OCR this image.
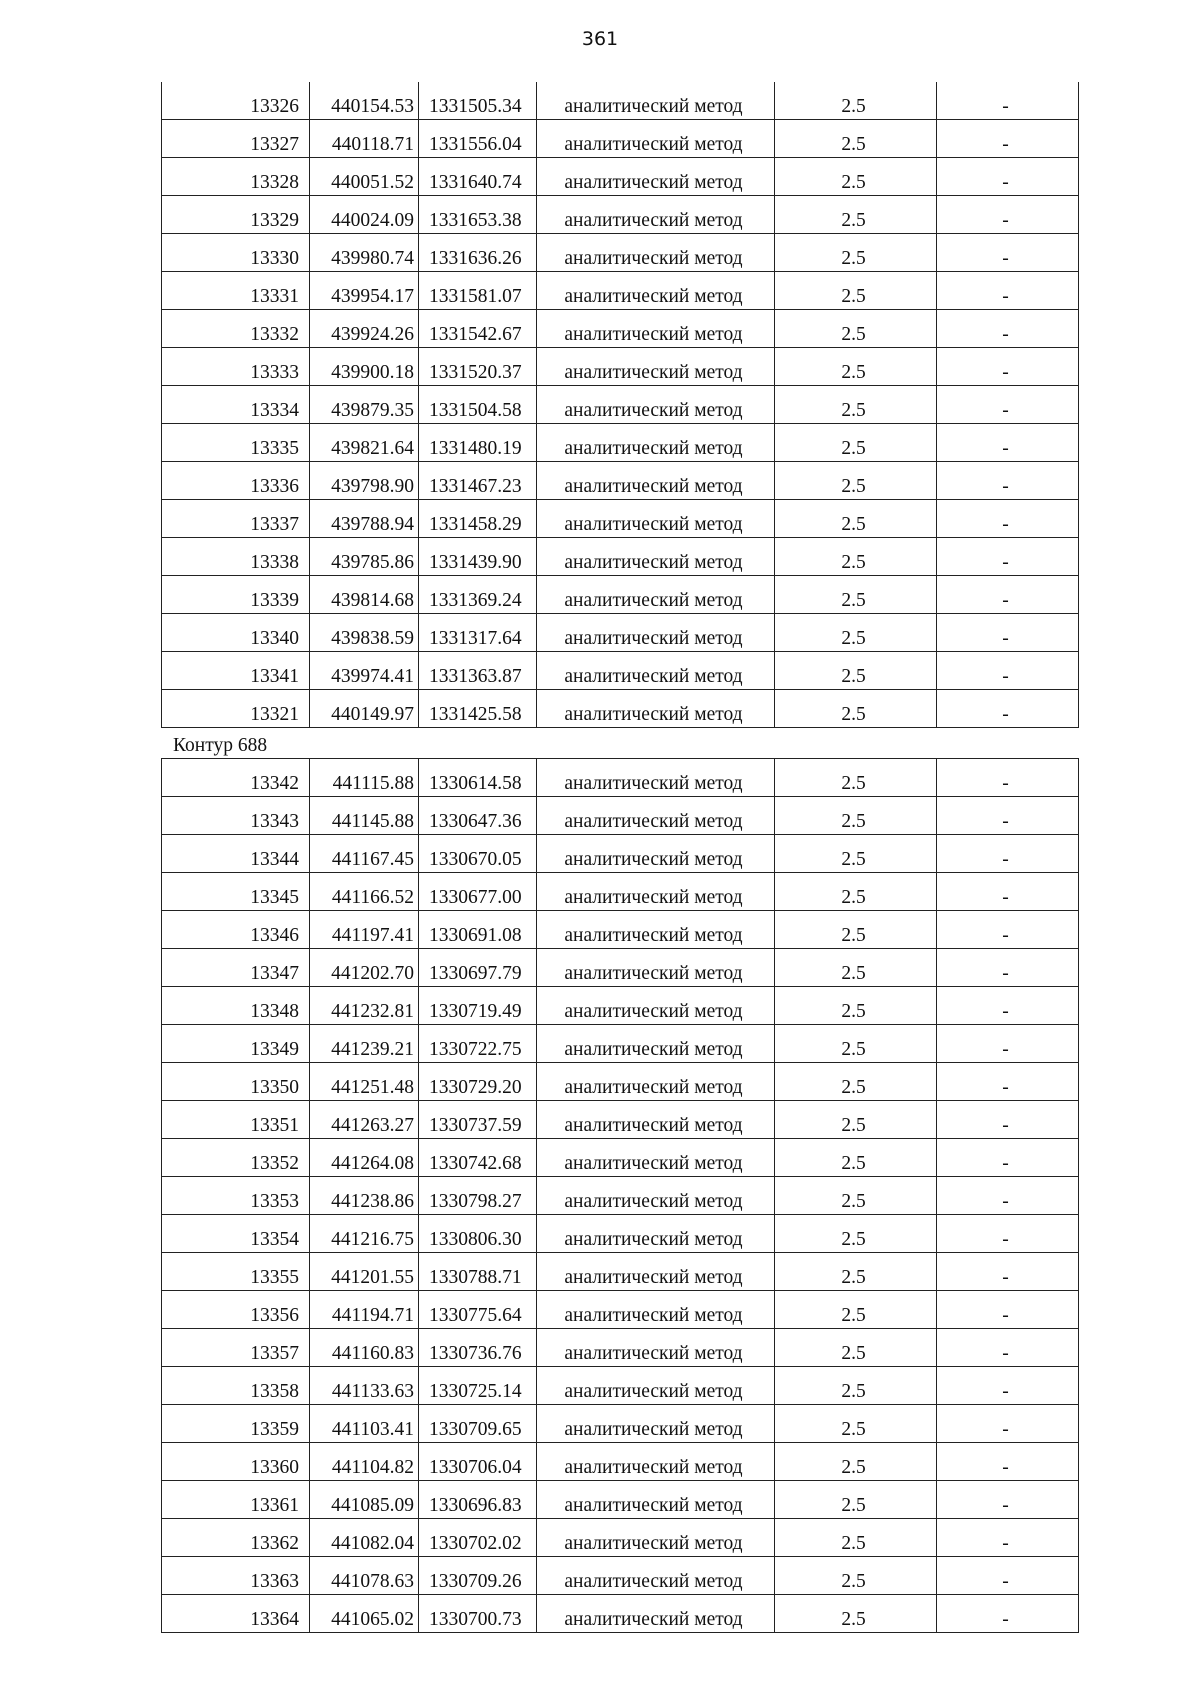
361
13326	440154.53	1331505.34	аналитический метод	2.5	-
13327	440118.71	1331556.04	аналитический метод	2.5	-
13328	440051.52	1331640.74	аналитический метод	2.5	-
13329	440024.09	1331653.38	аналитический метод	2.5	-
13330	439980.74	1331636.26	аналитический метод	2.5	-
13331	439954.17	1331581.07	аналитический метод	2.5	-
13332	439924.26	1331542.67	аналитический метод	2.5	-
13333	439900.18	1331520.37	аналитический метод	2.5	-
13334	439879.35	1331504.58	аналитический метод	2.5	-
13335	439821.64	1331480.19	аналитический метод	2.5	-
13336	439798.90	1331467.23	аналитический метод	2.5	-
13337	439788.94	1331458.29	аналитический метод	2.5	-
13338	439785.86	1331439.90	аналитический метод	2.5	-
13339	439814.68	1331369.24	аналитический метод	2.5	-
13340	439838.59	1331317.64	аналитический метод	2.5	-
13341	439974.41	1331363.87	аналитический метод	2.5	-
13321	440149.97	1331425.58	аналитический метод	2.5	-
Контур 688
13342	441115.88	1330614.58	аналитический метод	2.5	-
13343	441145.88	1330647.36	аналитический метод	2.5	-
13344	441167.45	1330670.05	аналитический метод	2.5	-
13345	441166.52	1330677.00	аналитический метод	2.5	-
13346	441197.41	1330691.08	аналитический метод	2.5	-
13347	441202.70	1330697.79	аналитический метод	2.5	-
13348	441232.81	1330719.49	аналитический метод	2.5	-
13349	441239.21	1330722.75	аналитический метод	2.5	-
13350	441251.48	1330729.20	аналитический метод	2.5	-
13351	441263.27	1330737.59	аналитический метод	2.5	-
13352	441264.08	1330742.68	аналитический метод	2.5	-
13353	441238.86	1330798.27	аналитический метод	2.5	-
13354	441216.75	1330806.30	аналитический метод	2.5	-
13355	441201.55	1330788.71	аналитический метод	2.5	-
13356	441194.71	1330775.64	аналитический метод	2.5	-
13357	441160.83	1330736.76	аналитический метод	2.5	-
13358	441133.63	1330725.14	аналитический метод	2.5	-
13359	441103.41	1330709.65	аналитический метод	2.5	-
13360	441104.82	1330706.04	аналитический метод	2.5	-
13361	441085.09	1330696.83	аналитический метод	2.5	-
13362	441082.04	1330702.02	аналитический метод	2.5	-
13363	441078.63	1330709.26	аналитический метод	2.5	-
13364	441065.02	1330700.73	аналитический метод	2.5	-
